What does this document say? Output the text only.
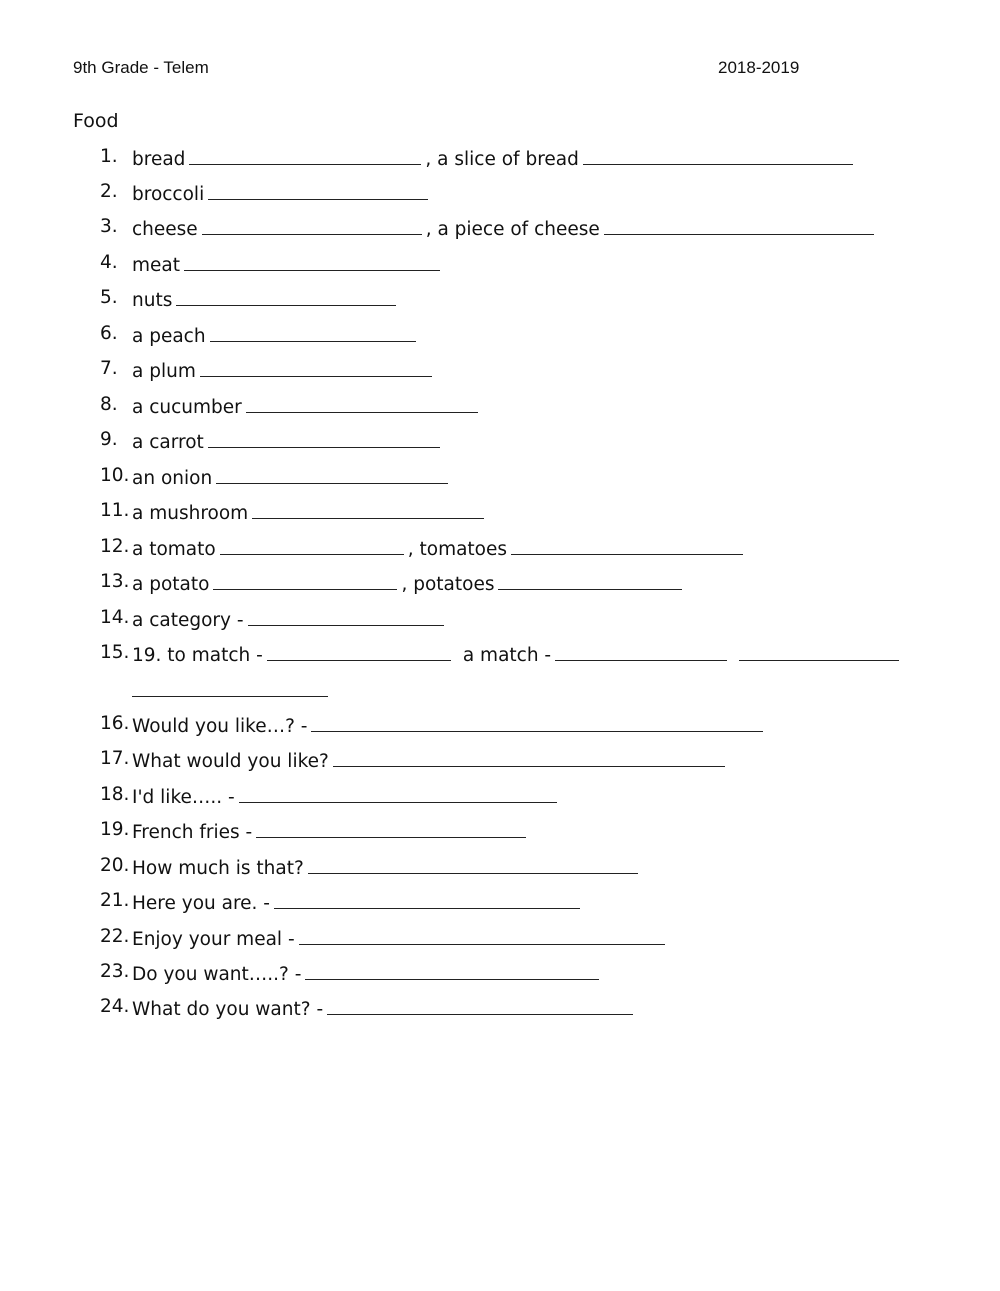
9th Grade - Telem	2018-2019
Food
1. bread	, a slice of bread
2. broccoli
3. cheese	, a piece of cheese
4. meat
5. nuts
6. a peach
7. a plum
8. a cucumber
9. a carrot
10. an onion
11. a mushroom
12. a tomato	, tomatoes
13. a potato	, potatoes
14. a category -
15. 19. to match -	a match -
16. Would you like…? -
17. What would you like?
18. I'd like….. -
19. French fries -
20. How much is that?
21. Here you are. -
22. Enjoy your meal -
23. Do you want…..? -
24. What do you want? -
